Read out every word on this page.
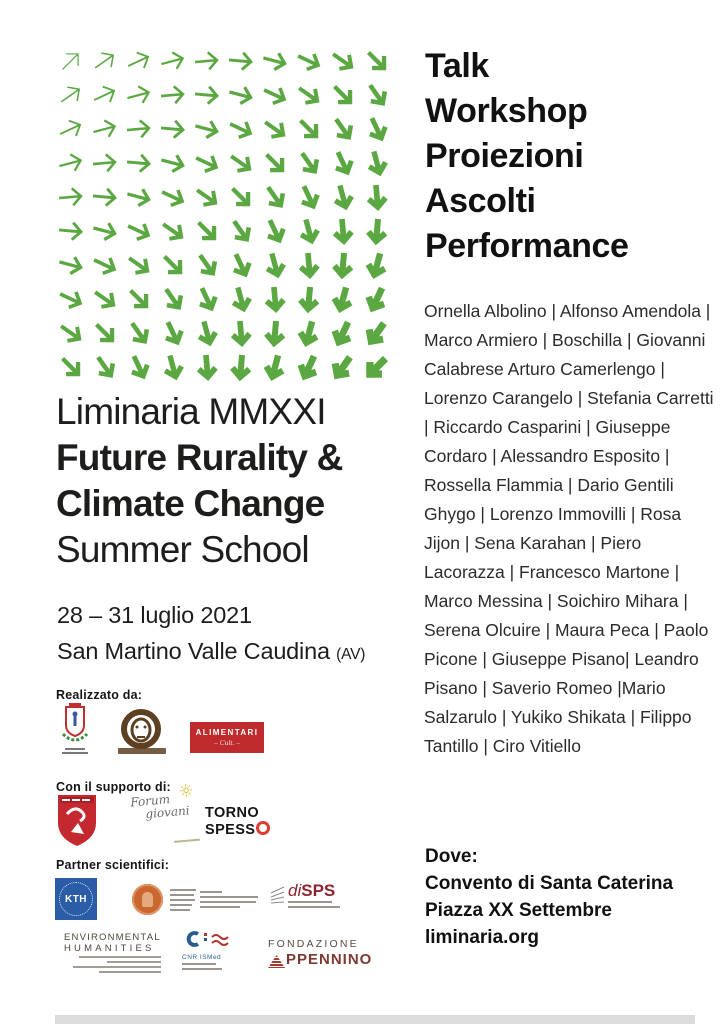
Liminaria MMXXI
Future Rurality &
Climate Change
Summer School
28 – 31 luglio 2021
San Martino Valle Caudina (AV)
Realizzato da:
ALIMENTARI
– Cult. –
Con il supporto di: ☼
Forum
giovani	TORNO
SPESS
Partner scientifici:
KTH	diSPS
ENVIRONMENTAL
HUMANITIES
CNR ISMed
FONDAZIONE
PPENNINO
Talk
Workshop
Proiezioni
Ascolti
Performance

Ornella Albolino | Alfonso Amendola | Marco Armiero | Boschilla | Giovanni Calabrese Arturo Camerlengo | Lorenzo Carangelo | Stefania Carretti | Riccardo Casparini | Giuseppe Cordaro | Alessandro Esposito | Rossella Flammia | Dario Gentili Ghygo | Lorenzo Immovilli | Rosa Jijon | Sena Karahan | Piero Lacorazza | Francesco Martone | Marco Messina | Soichiro Mihara | Serena Olcuire | Maura Peca | Paolo Picone | Giuseppe Pisano| Leandro Pisano | Saverio Romeo |Mario Salzarulo | Yukiko Shikata | Filippo Tantillo | Ciro Vitiello

Dove:
Convento di Santa Caterina
Piazza XX Settembre
liminaria.org
